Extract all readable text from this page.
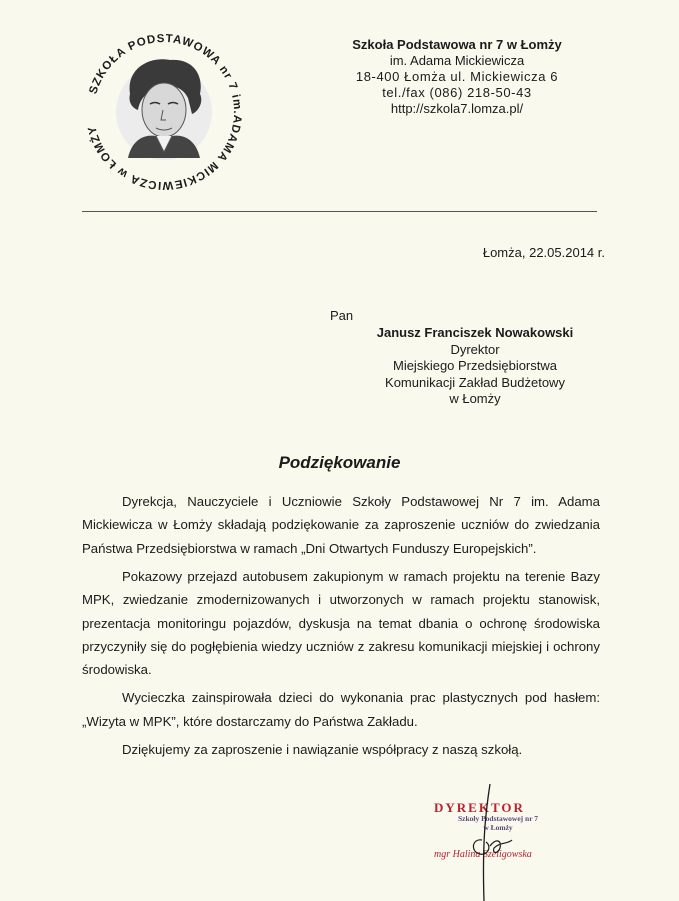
SZKOŁA PODSTAWOWA nr 7 im.ADAMA MICKIEWICZA w ŁOMŻY
Szkoła Podstawowa nr 7 w Łomży
im. Adama Mickiewicza
18-400 Łomża ul. Mickiewicza 6
tel./fax (086) 218-50-43
http://szkola7.lomza.pl/
Łomża, 22.05.2014 r.
Pan
Janusz Franciszek Nowakowski
Dyrektor
Miejskiego Przedsiębiorstwa
Komunikacji Zakład Budżetowy
w Łomży
Podziękowanie

Dyrekcja, Nauczyciele i Uczniowie Szkoły Podstawowej Nr 7 im. Adama Mickiewicza w Łomży składają podziękowanie za zaproszenie uczniów do zwiedzania Państwa Przedsiębiorstwa w ramach „Dni Otwartych Funduszy Europejskich”.

Pokazowy przejazd autobusem zakupionym w ramach projektu na terenie Bazy MPK, zwiedzanie zmodernizowanych i utworzonych w ramach projektu stanowisk, prezentacja monitoringu pojazdów, dyskusja na temat dbania o ochronę środowiska przyczyniły się do pogłębienia wiedzy uczniów z zakresu komunikacji miejskiej i ochrony środowiska.

Wycieczka zainspirowała dzieci do wykonania prac plastycznych pod hasłem: „Wizyta w MPK”, które dostarczamy do Państwa Zakładu.

Dziękujemy za zaproszenie i nawiązanie współpracy z naszą szkołą.

DYREKTOR
Szkoły Podstawowej nr 7
w Łomży
mgr Halina Szeligowska
